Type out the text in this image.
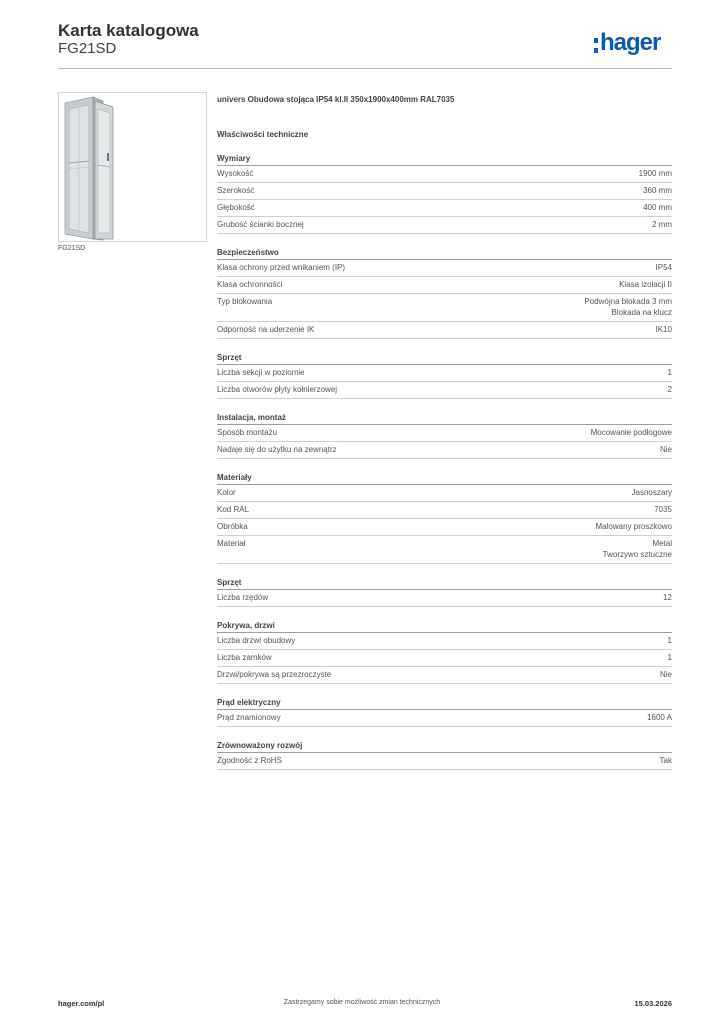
Karta katalogowa
FG21SD	hager
FG21SD
univers Obudowa stojąca IP54 kl.II 350x1900x400mm RAL7035
Właściwości techniczne
Wymiary
Wysokość	1900 mm
Szerokość	360 mm
Głębokość	400 mm
Grubość ścianki bocznej	2 mm
Bezpieczeństwo
Klasa ochrony przed wnikaniem (IP)	IP54
Klasa ochronności	Klasa izolacji II
Typ blokowania	Podwójna blokada 3 mm
Blokada na klucz
Odporność na uderzenie IK	IK10
Sprzęt
Liczba sekcji w poziomie	1
Liczba otworów płyty kołnierzowej	2
Instalacja, montaż
Sposób montażu	Mocowanie podłogowe
Nadaje się do użytku na zewnątrz	Nie
Materiały
Kolor	Jasnoszary
Kod RAL	7035
Obróbka	Malowany proszkowo
Materiał	Metal
Tworzywo sztuczne
Sprzęt
Liczba rzędów	12
Pokrywa, drzwi
Liczba drzwi obudowy	1
Liczba zamków	1
Drzwi/pokrywa są przezroczyste	Nie
Prąd elektryczny
Prąd znamionowy	1600 A
Zrównoważony rozwój
Zgodność z RoHS	Tak
hager.com/pl	Zastrzegamy sobie możliwość zmian technicznych	15.03.2026
